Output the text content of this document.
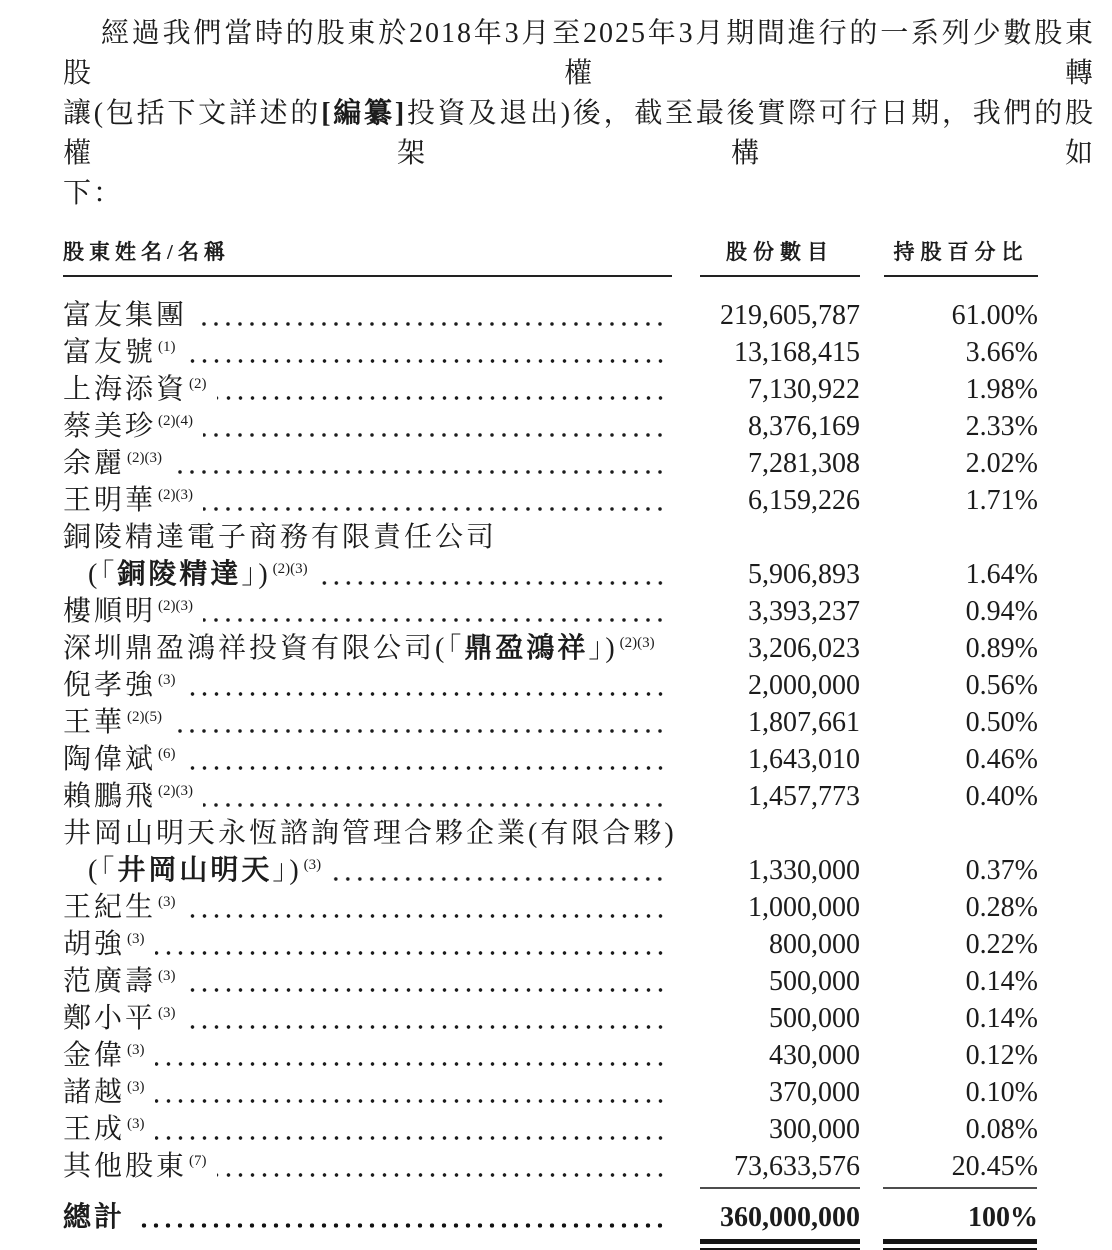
經過我們當時的股東於2018年3月至2025年3月期間進行的一系列少數股東股權轉
讓(包括下文詳述的[編纂]投資及退出)後，截至最後實際可行日期，我們的股權架構如
下：

股東姓名/名稱	股份數目	持股百分比
富友集團	219,605,787	61.00%
富友號 $^{(1)}$	13,168,415	3.66%
上海添資 $^{(2)}$	7,130,922	1.98%
蔡美珍 $^{(2)(4)}$	8,376,169	2.33%
余麗 $^{(2)(3)}$	7,281,308	2.02%
王明華 $^{(2)(3)}$	6,159,226	1.71%
銅陵精達電子商務有限責任公司
(「銅陵精達」) $^{(2)(3)}$	5,906,893	1.64%
樓順明 $^{(2)(3)}$	3,393,237	0.94%
深圳鼎盈鴻祥投資有限公司(「鼎盈鴻祥」) $^{(2)(3)}$	3,206,023	0.89%
倪孝強 $^{(3)}$	2,000,000	0.56%
王華 $^{(2)(5)}$	1,807,661	0.50%
陶偉斌 $^{(6)}$	1,643,010	0.46%
賴鵬飛 $^{(2)(3)}$	1,457,773	0.40%
井岡山明天永恆諮詢管理合夥企業(有限合夥)
(「井岡山明天」) $^{(3)}$	1,330,000	0.37%
王紀生 $^{(3)}$	1,000,000	0.28%
胡強 $^{(3)}$	800,000	0.22%
范廣壽 $^{(3)}$	500,000	0.14%
鄭小平 $^{(3)}$	500,000	0.14%
金偉 $^{(3)}$	430,000	0.12%
諸越 $^{(3)}$	370,000	0.10%
王成 $^{(3)}$	300,000	0.08%
其他股東 $^{(7)}$	73,633,576	20.45%
總計	360,000,000	100%
